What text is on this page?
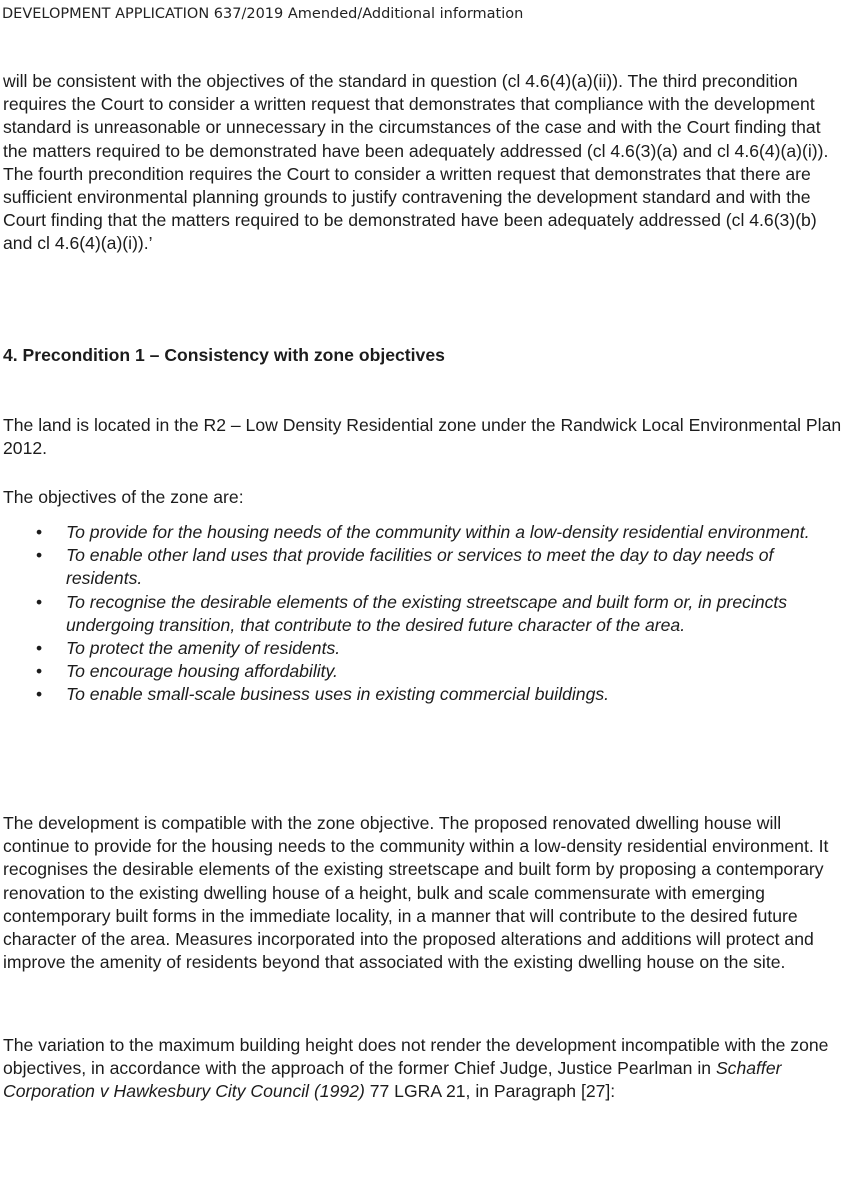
DEVELOPMENT APPLICATION 637/2019 Amended/Additional information
will be consistent with the objectives of the standard in question (cl 4.6(4)(a)(ii)). The third precondition requires the Court to consider a written request that demonstrates that compliance with the development standard is unreasonable or unnecessary in the circumstances of the case and with the Court finding that the matters required to be demonstrated have been adequately addressed (cl 4.6(3)(a) and cl 4.6(4)(a)(i)). The fourth precondition requires the Court to consider a written request that demonstrates that there are sufficient environmental planning grounds to justify contravening the development standard and with the Court finding that the matters required to be demonstrated have been adequately addressed (cl 4.6(3)(b) and cl 4.6(4)(a)(i)).’
4. Precondition 1 – Consistency with zone objectives
The land is located in the R2 – Low Density Residential zone under the Randwick Local Environmental Plan 2012.
The objectives of the zone are:
• To provide for the housing needs of the community within a low-density residential environment.
• To enable other land uses that provide facilities or services to meet the day to day needs of residents.
• To recognise the desirable elements of the existing streetscape and built form or, in precincts undergoing transition, that contribute to the desired future character of the area.
• To protect the amenity of residents.
• To encourage housing affordability.
• To enable small-scale business uses in existing commercial buildings.
The development is compatible with the zone objective. The proposed renovated dwelling house will continue to provide for the housing needs to the community within a low-density residential environment. It recognises the desirable elements of the existing streetscape and built form by proposing a contemporary renovation to the existing dwelling house of a height, bulk and scale commensurate with emerging contemporary built forms in the immediate locality, in a manner that will contribute to the desired future character of the area. Measures incorporated into the proposed alterations and additions will protect and improve the amenity of residents beyond that associated with the existing dwelling house on the site.
The variation to the maximum building height does not render the development incompatible with the zone objectives, in accordance with the approach of the former Chief Judge, Justice Pearlman in Schaffer Corporation v Hawkesbury City Council (1992) 77 LGRA 21, in Paragraph [27]:
